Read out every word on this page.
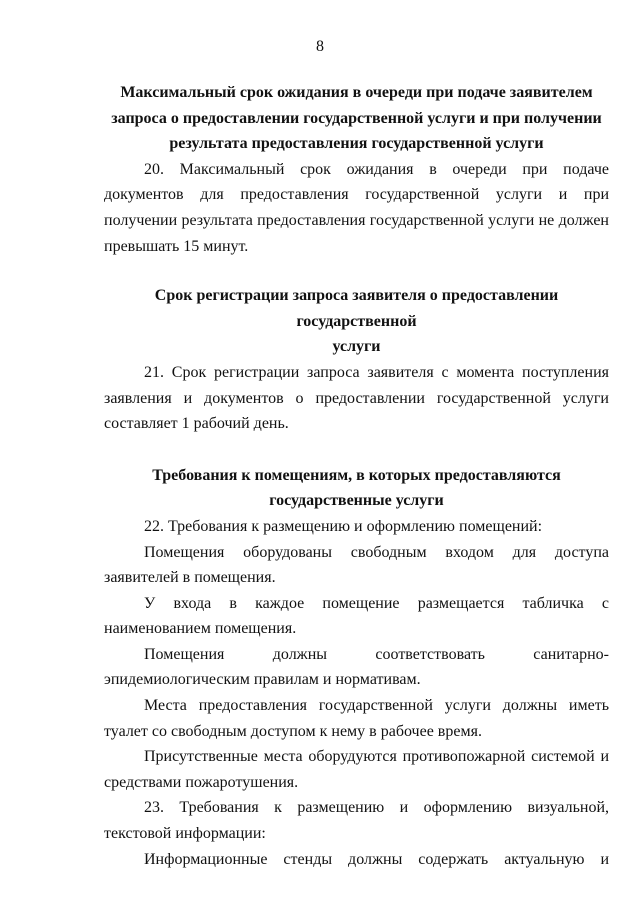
8
Максимальный срок ожидания в очереди при подаче заявителем
запроса о предоставлении государственной услуги и при получении
результата предоставления государственной услуги

20. Максимальный срок ожидания в очереди при подаче документов для предоставления государственной услуги и при получении результата предоставления государственной услуги не должен превышать 15 минут.

Срок регистрации запроса заявителя о предоставлении государственной
услуги

21. Срок регистрации запроса заявителя с момента поступления заявления и документов о предоставлении государственной услуги составляет 1 рабочий день.

Требования к помещениям, в которых предоставляются
государственные услуги

22. Требования к размещению и оформлению помещений:

Помещения оборудованы свободным входом для доступа заявителей в помещения.

У входа в каждое помещение размещается табличка с наименованием помещения.

Помещения должны соответствовать санитарно-эпидемиологическим правилам и нормативам.

Места предоставления государственной услуги должны иметь туалет со свободным доступом к нему в рабочее время.

Присутственные места оборудуются противопожарной системой и средствами пожаротушения.

23. Требования к размещению и оформлению визуальной, текстовой информации:

Информационные стенды должны содержать актуальную и
